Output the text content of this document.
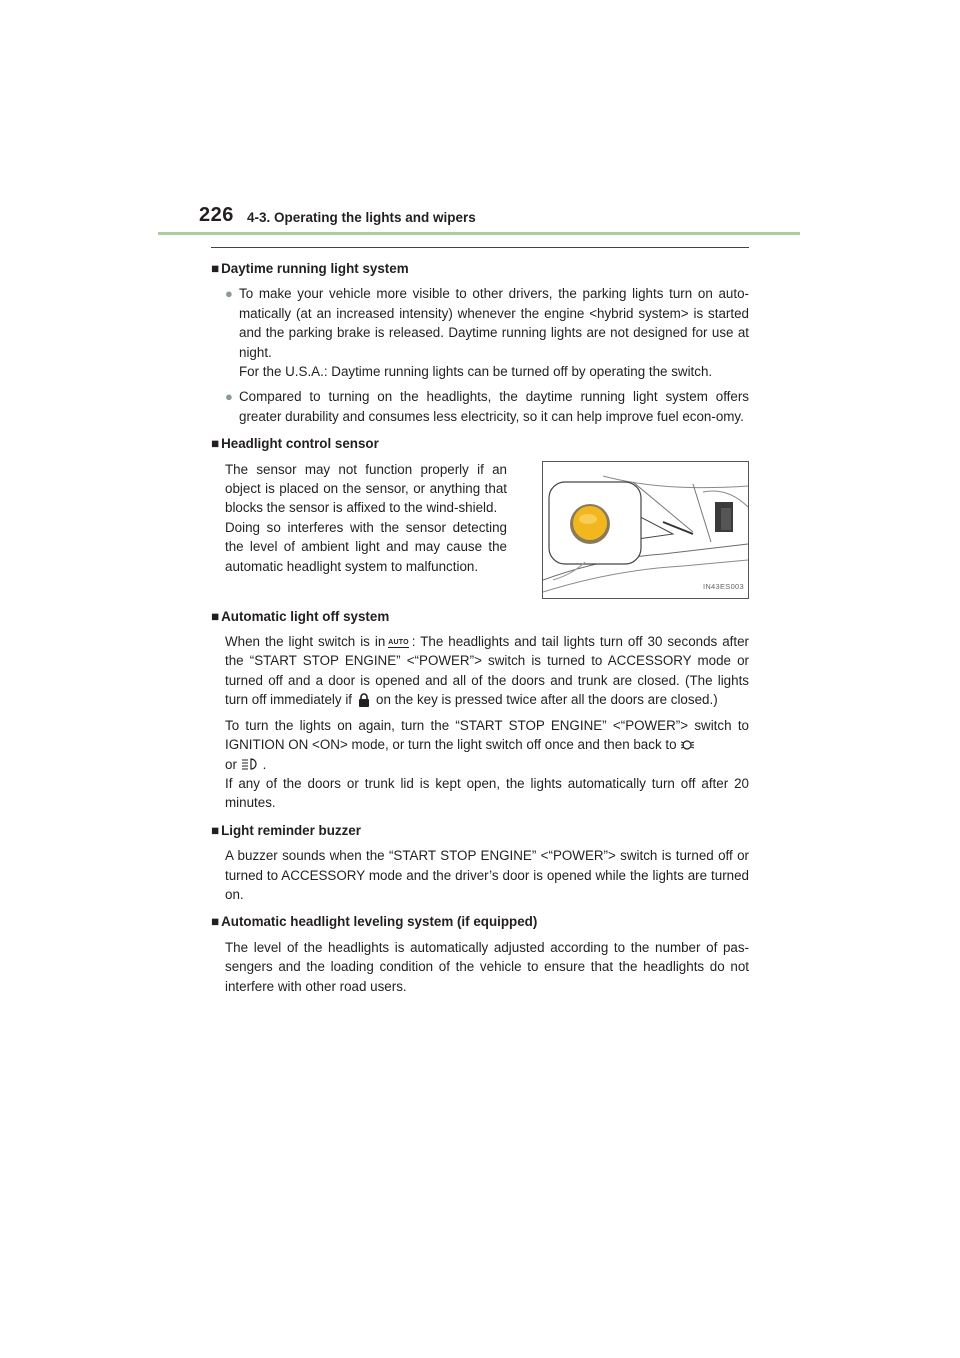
226 4-3. Operating the lights and wipers

■ Daytime running light system

● To make your vehicle more visible to other drivers, the parking lights turn on auto-matically (at an increased intensity) whenever the engine <hybrid system> is started and the parking brake is released. Daytime running lights are not designed for use at night.
For the U.S.A.: Daytime running lights can be turned off by operating the switch.
● Compared to turning on the headlights, the daytime running light system offers greater durability and consumes less electricity, so it can help improve fuel econ-omy.

■ Headlight control sensor

The sensor may not function properly if an object is placed on the sensor, or anything that blocks the sensor is affixed to the wind-shield.
Doing so interferes with the sensor detecting the level of ambient light and may cause the automatic headlight system to malfunction.
IN43ES003

■ Automatic light off system

When the light switch is in AUTO : The headlights and tail lights turn off 30 seconds after the “START STOP ENGINE” <“POWER”> switch is turned to ACCESSORY mode or turned off and a door is opened and all of the doors and trunk are closed. (The lights turn off immediately if on the key is pressed twice after all the doors are closed.)
To turn the lights on again, turn the “START STOP ENGINE” <“POWER”> switch to IGNITION ON <ON> mode, or turn the light switch off once and then back to
or .
If any of the doors or trunk lid is kept open, the lights automatically turn off after 20 minutes.

■ Light reminder buzzer

A buzzer sounds when the “START STOP ENGINE” <“POWER”> switch is turned off or turned to ACCESSORY mode and the driver’s door is opened while the lights are turned on.

■ Automatic headlight leveling system (if equipped)

The level of the headlights is automatically adjusted according to the number of pas-sengers and the loading condition of the vehicle to ensure that the headlights do not interfere with other road users.
